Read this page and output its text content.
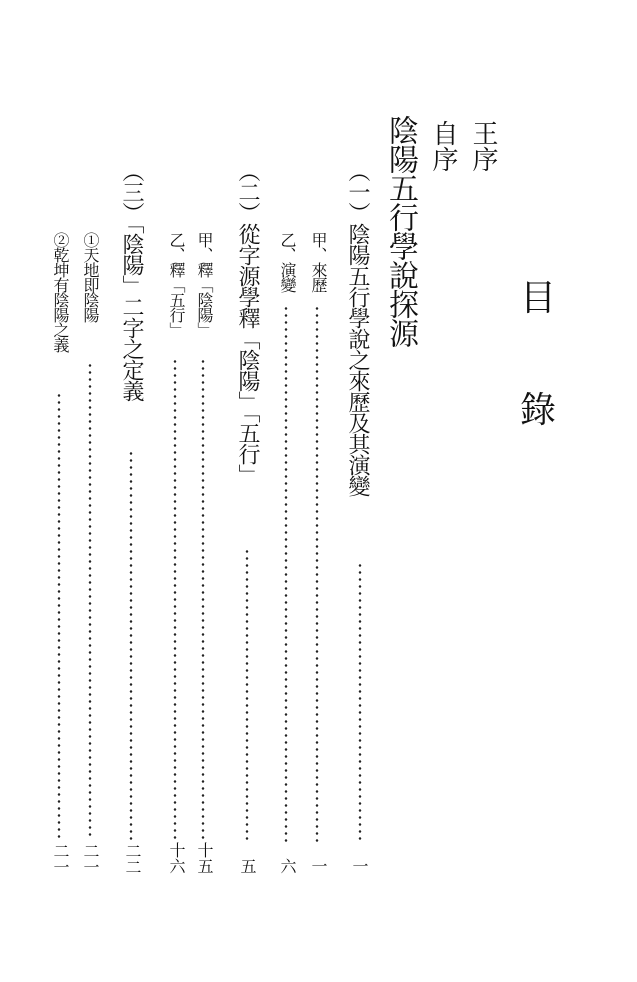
目
錄
王序
自序
陰陽五行學說探源
（一）陰陽五行學說之來歷及其演變
一
甲、來歷
一
乙、演變
六
（二）從字源學釋「陰陽」「五行」
五
甲、釋「陰陽」
十五
乙、釋「五行」
十六
（三）「陰陽」二字之定義
二二
①天地即陰陽
二一
②乾坤有陰陽之義
二一
